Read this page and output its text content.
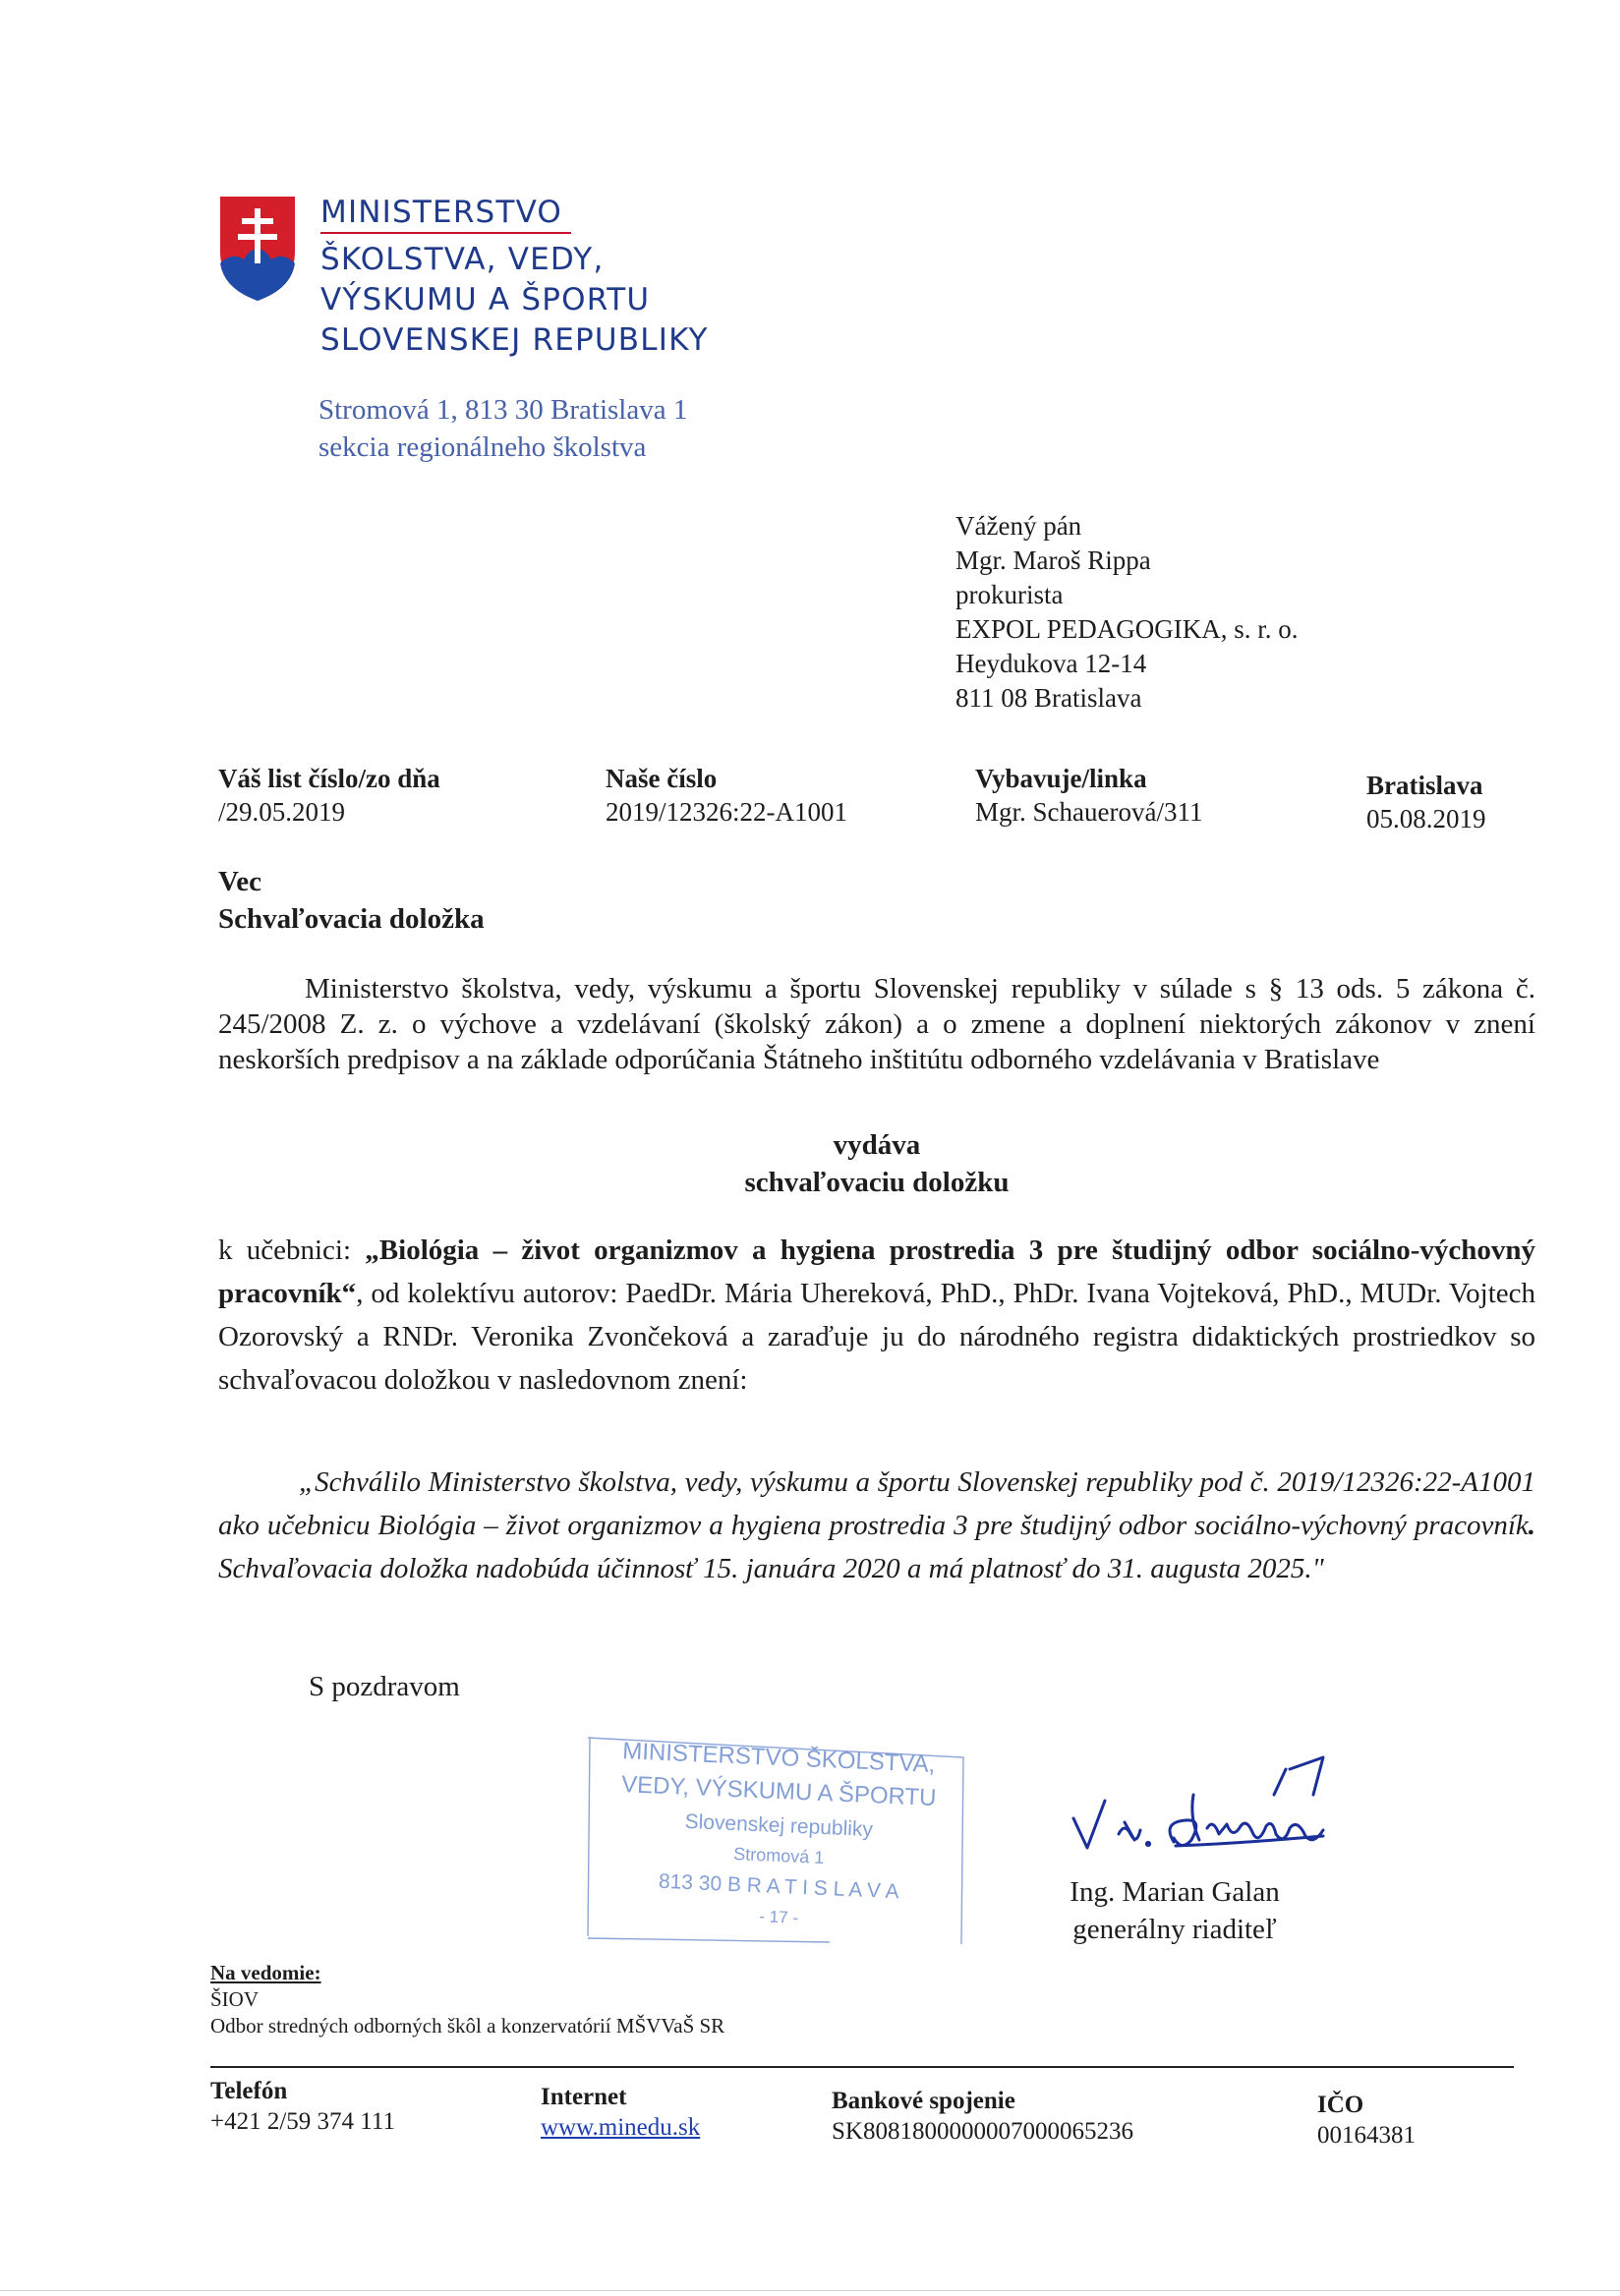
MINISTERSTVO
ŠKOLSTVA, VEDY,
VÝSKUMU A ŠPORTU
SLOVENSKEJ REPUBLIKY
Stromová 1, 813 30 Bratislava 1
sekcia regionálneho školstva
Vážený pán
Mgr. Maroš Rippa
prokurista
EXPOL PEDAGOGIKA, s. r. o.
Heydukova 12-14
811 08 Bratislava
Váš list číslo/zo dňa
/29.05.2019
Naše číslo
2019/12326:22-A1001
Vybavuje/linka
Mgr. Schauerová/311
Bratislava
05.08.2019
Vec
Schvaľovacia doložka
Ministerstvo školstva, vedy, výskumu a športu Slovenskej republiky v súlade s § 13 ods. 5 zákona č. 245/2008 Z. z. o výchove a vzdelávaní (školský zákon) a o zmene a doplnení niektorých zákonov v znení neskorších predpisov a na základe odporúčania Štátneho inštitútu odborného vzdelávania v Bratislave
vydáva
schvaľovaciu doložku
k učebnici: „Biológia – život organizmov a hygiena prostredia 3 pre študijný odbor sociálno-výchovný pracovník“, od kolektívu autorov: PaedDr. Mária Uhereková, PhD., PhDr. Ivana Vojteková, PhD., MUDr. Vojtech Ozorovský a RNDr. Veronika Zvončeková a zaraďuje ju do národného registra didaktických prostriedkov so schvaľovacou doložkou v nasledovnom znení:
„Schválilo Ministerstvo školstva, vedy, výskumu a športu Slovenskej republiky pod č. 2019/12326:22-A1001 ako učebnicu Biológia – život organizmov a hygiena prostredia 3 pre študijný odbor sociálno-výchovný pracovník. Schvaľovacia doložka nadobúda účinnosť 15. januára 2020 a má platnosť do 31. augusta 2025."
S pozdravom
MINISTERSTVO ŠKOLSTVA,
VEDY, VÝSKUMU A ŠPORTU
Slovenskej republiky
Stromová 1
813 30 B R A T I S L A V A
- 17 -
Ing. Marian Galan
generálny riaditeľ
Na vedomie:
ŠIOV
Odbor stredných odborných škôl a konzervatórií MŠVVaŠ SR
Telefón
+421 2/59 374 111
Internet
www.minedu.sk
Bankové spojenie
SK8081800000007000065236
IČO
00164381
